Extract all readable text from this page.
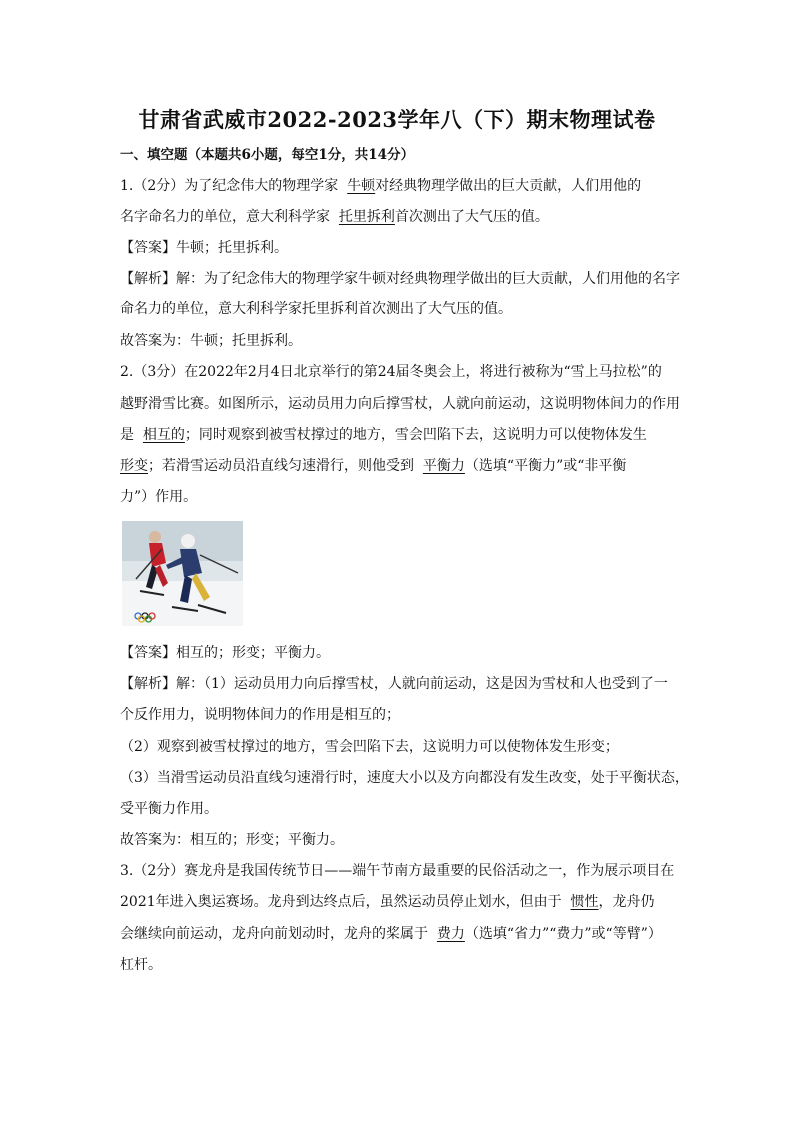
甘肃省武威市2022-2023学年八（下）期末物理试卷
一、填空题（本题共6小题，每空1分，共14分）
1.（2分）为了纪念伟大的物理学家 牛顿对经典物理学做出的巨大贡献，人们用他的
名字命名力的单位，意大利科学家 托里拆利首次测出了大气压的值。
【答案】牛顿；托里拆利。
【解析】解：为了纪念伟大的物理学家牛顿对经典物理学做出的巨大贡献，人们用他的名字
命名力的单位，意大利科学家托里拆利首次测出了大气压的值。
故答案为：牛顿；托里拆利。
2.（3分）在2022年2月4日北京举行的第24届冬奥会上，将进行被称为“雪上马拉松”的
越野滑雪比赛。如图所示，运动员用力向后撑雪杖，人就向前运动，这说明物体间力的作用
是 相互的；同时观察到被雪杖撑过的地方，雪会凹陷下去，这说明力可以使物体发生
形变；若滑雪运动员沿直线匀速滑行，则他受到 平衡力（选填“平衡力”或“非平衡
力”）作用。
【答案】相互的；形变；平衡力。
【解析】解：（1）运动员用力向后撑雪杖，人就向前运动，这是因为雪杖和人也受到了一
个反作用力，说明物体间力的作用是相互的；
（2）观察到被雪杖撑过的地方，雪会凹陷下去，这说明力可以使物体发生形变；
（3）当滑雪运动员沿直线匀速滑行时，速度大小以及方向都没有发生改变，处于平衡状态，
受平衡力作用。
故答案为：相互的；形变；平衡力。
3.（2分）赛龙舟是我国传统节日——端午节南方最重要的民俗活动之一，作为展示项目在
2021年进入奥运赛场。龙舟到达终点后，虽然运动员停止划水，但由于 惯性，龙舟仍
会继续向前运动，龙舟向前划动时，龙舟的桨属于 费力（选填“省力”“费力”或“等臂”）
杠杆。
